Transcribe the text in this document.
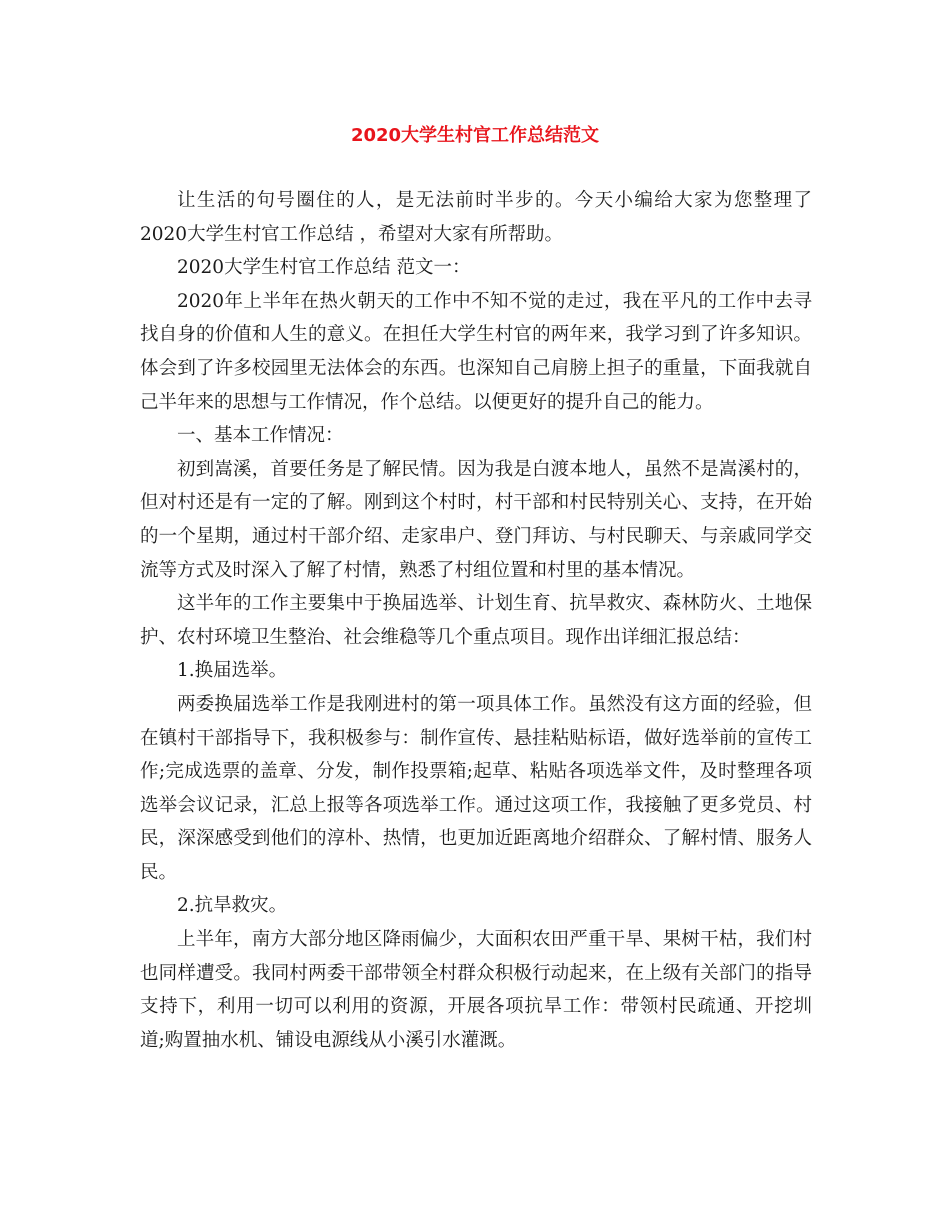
2020大学生村官工作总结范文

让生活的句号圈住的人，是无法前时半步的。今天小编给大家为您整理了2020大学生村官工作总结 ，希望对大家有所帮助。

2020大学生村官工作总结 范文一：

2020年上半年在热火朝天的工作中不知不觉的走过，我在平凡的工作中去寻找自身的价值和人生的意义。在担任大学生村官的两年来，我学习到了许多知识。体会到了许多校园里无法体会的东西。也深知自己肩膀上担子的重量，下面我就自己半年来的思想与工作情况，作个总结。以便更好的提升自己的能力。

一、基本工作情况：

初到嵩溪，首要任务是了解民情。因为我是白渡本地人，虽然不是嵩溪村的，但对村还是有一定的了解。刚到这个村时，村干部和村民特别关心、支持，在开始的一个星期，通过村干部介绍、走家串户、登门拜访、与村民聊天、与亲戚同学交流等方式及时深入了解了村情，熟悉了村组位置和村里的基本情况。

这半年的工作主要集中于换届选举、计划生育、抗旱救灾、森林防火、土地保护、农村环境卫生整治、社会维稳等几个重点项目。现作出详细汇报总结：

1.换届选举。

两委换届选举工作是我刚进村的第一项具体工作。虽然没有这方面的经验，但在镇村干部指导下，我积极参与：制作宣传、悬挂粘贴标语，做好选举前的宣传工作;完成选票的盖章、分发，制作投票箱;起草、粘贴各项选举文件，及时整理各项选举会议记录，汇总上报等各项选举工作。通过这项工作，我接触了更多党员、村民，深深感受到他们的淳朴、热情，也更加近距离地介绍群众、了解村情、服务人民。

2.抗旱救灾。

上半年，南方大部分地区降雨偏少，大面积农田严重干旱、果树干枯，我们村也同样遭受。我同村两委干部带领全村群众积极行动起来，在上级有关部门的指导支持下，利用一切可以利用的资源，开展各项抗旱工作：带领村民疏通、开挖圳道;购置抽水机、铺设电源线从小溪引水灌溉。
